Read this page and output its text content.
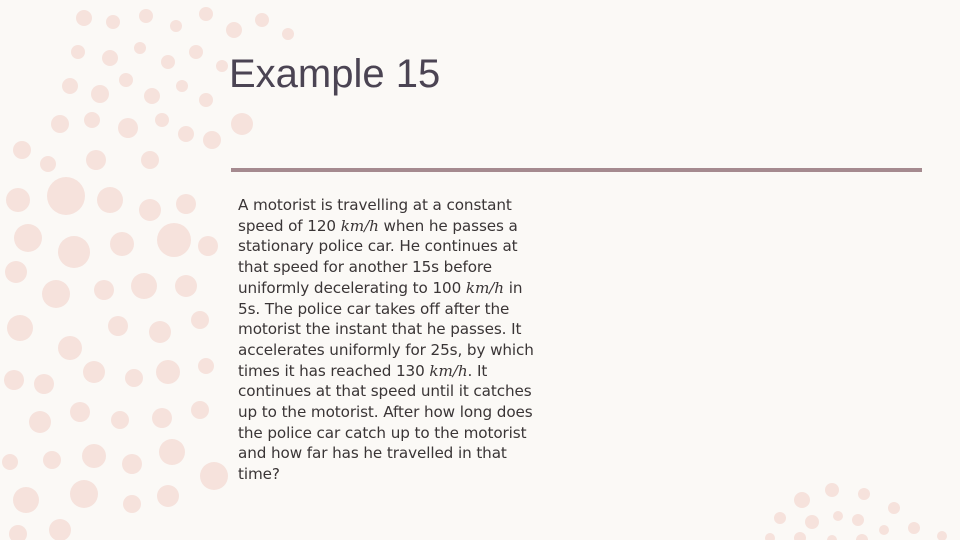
Example 15
A motorist is travelling at a constant
speed of 120 km/h when he passes a
stationary police car. He continues at
that speed for another 15s before
uniformly decelerating to 100 km/h in
5s. The police car takes off after the
motorist the instant that he passes. It
accelerates uniformly for 25s, by which
times it has reached 130 km/h. It
continues at that speed until it catches
up to the motorist. After how long does
the police car catch up to the motorist
and how far has he travelled in that
time?
